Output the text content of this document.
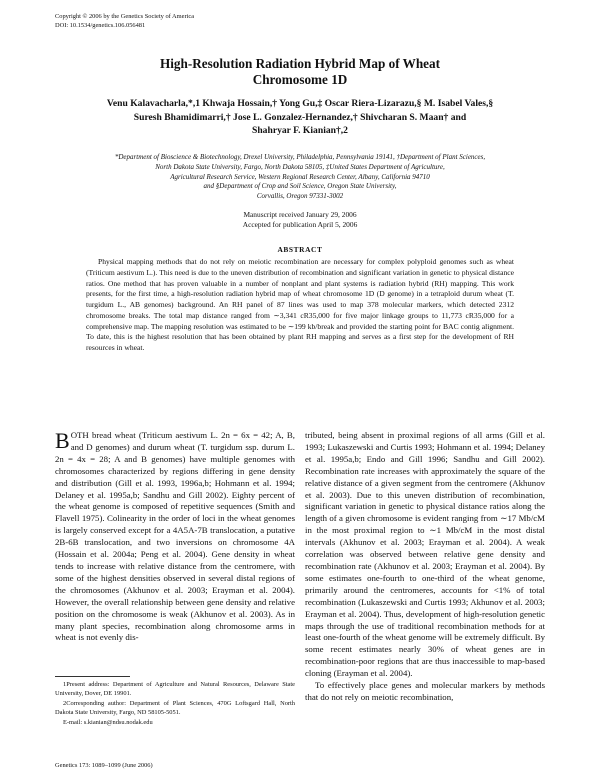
Copyright © 2006 by the Genetics Society of America
DOI: 10.1534/genetics.106.056481
High-Resolution Radiation Hybrid Map of Wheat
Chromosome 1D
Venu Kalavacharla,*,1 Khwaja Hossain,† Yong Gu,‡ Oscar Riera-Lizarazu,§ M. Isabel Vales,§
Suresh Bhamidimarri,† Jose L. Gonzalez-Hernandez,† Shivcharan S. Maan† and
Shahryar F. Kianian†,2
*Department of Bioscience & Biotechnology, Drexel University, Philadelphia, Pennsylvania 19141, †Department of Plant Sciences,
North Dakota State University, Fargo, North Dakota 58105, ‡United States Department of Agriculture,
Agricultural Research Service, Western Regional Research Center, Albany, California 94710
and §Department of Crop and Soil Science, Oregon State University,
Corvallis, Oregon 97331-3002
Manuscript received January 29, 2006
Accepted for publication April 5, 2006
ABSTRACT

Physical mapping methods that do not rely on meiotic recombination are necessary for complex polyploid genomes such as wheat (Triticum aestivum L.). This need is due to the uneven distribution of recombination and significant variation in genetic to physical distance ratios. One method that has proven valuable in a number of nonplant and plant systems is radiation hybrid (RH) mapping. This work presents, for the first time, a high-resolution radiation hybrid map of wheat chromosome 1D (D genome) in a tetraploid durum wheat (T. turgidum L., AB genomes) background. An RH panel of 87 lines was used to map 378 molecular markers, which detected 2312 chromosome breaks. The total map distance ranged from ∼3,341 cR35,000 for five major linkage groups to 11,773 cR35,000 for a comprehensive map. The mapping resolution was estimated to be ∼199 kb/break and provided the starting point for BAC contig alignment. To date, this is the highest resolution that has been obtained by plant RH mapping and serves as a first step for the development of RH resources in wheat.

BOTH bread wheat (Triticum aestivum L. 2n = 6x = 42; A, B, and D genomes) and durum wheat (T. turgidum ssp. durum L. 2n = 4x = 28; A and B genomes) have multiple genomes with chromosomes characterized by regions differing in gene density and distribution (Gill et al. 1993, 1996a,b; Hohmann et al. 1994; Delaney et al. 1995a,b; Sandhu and Gill 2002). Eighty percent of the wheat genome is composed of repetitive sequences (Smith and Flavell 1975). Colinearity in the order of loci in the wheat genomes is largely conserved except for a 4A5A-7B translocation, a putative 2B-6B translocation, and two inversions on chromosome 4A (Hossain et al. 2004a; Peng et al. 2004). Gene density in wheat tends to increase with relative distance from the centromere, with some of the highest densities observed in several distal regions of the chromosomes (Akhunov et al. 2003; Erayman et al. 2004). However, the overall relationship between gene density and relative position on the chromosome is weak (Akhunov et al. 2003). As in many plant species, recombination along chromosome arms in wheat is not evenly dis-

tributed, being absent in proximal regions of all arms (Gill et al. 1993; Lukaszewski and Curtis 1993; Hohmann et al. 1994; Delaney et al. 1995a,b; Endo and Gill 1996; Sandhu and Gill 2002). Recombination rate increases with approximately the square of the relative distance of a given segment from the centromere (Akhunov et al. 2003). Due to this uneven distribution of recombination, significant variation in genetic to physical distance ratios along the length of a given chromosome is evident ranging from ∼17 Mb/cM in the most proximal region to ∼1 Mb/cM in the most distal intervals (Akhunov et al. 2003; Erayman et al. 2004). A weak correlation was observed between relative gene density and recombination rate (Akhunov et al. 2003; Erayman et al. 2004). By some estimates one-fourth to one-third of the wheat genome, primarily around the centromeres, accounts for <1% of total recombination (Lukaszewski and Curtis 1993; Akhunov et al. 2003; Erayman et al. 2004). Thus, development of high-resolution genetic maps through the use of traditional recombination methods for at least one-fourth of the wheat genome will be extremely difficult. By some recent estimates nearly 30% of wheat genes are in recombination-poor regions that are thus inaccessible to map-based cloning (Erayman et al. 2004).

To effectively place genes and molecular markers by methods that do not rely on meiotic recombination,

1Present address: Department of Agriculture and Natural Resources, Delaware State University, Dover, DE 19901.

2Corresponding author: Department of Plant Sciences, 470G Loftsgard Hall, North Dakota State University, Fargo, ND 58105-5051.

E-mail: s.kianian@ndsu.nodak.edu

Genetics 173: 1089–1099 (June 2006)
